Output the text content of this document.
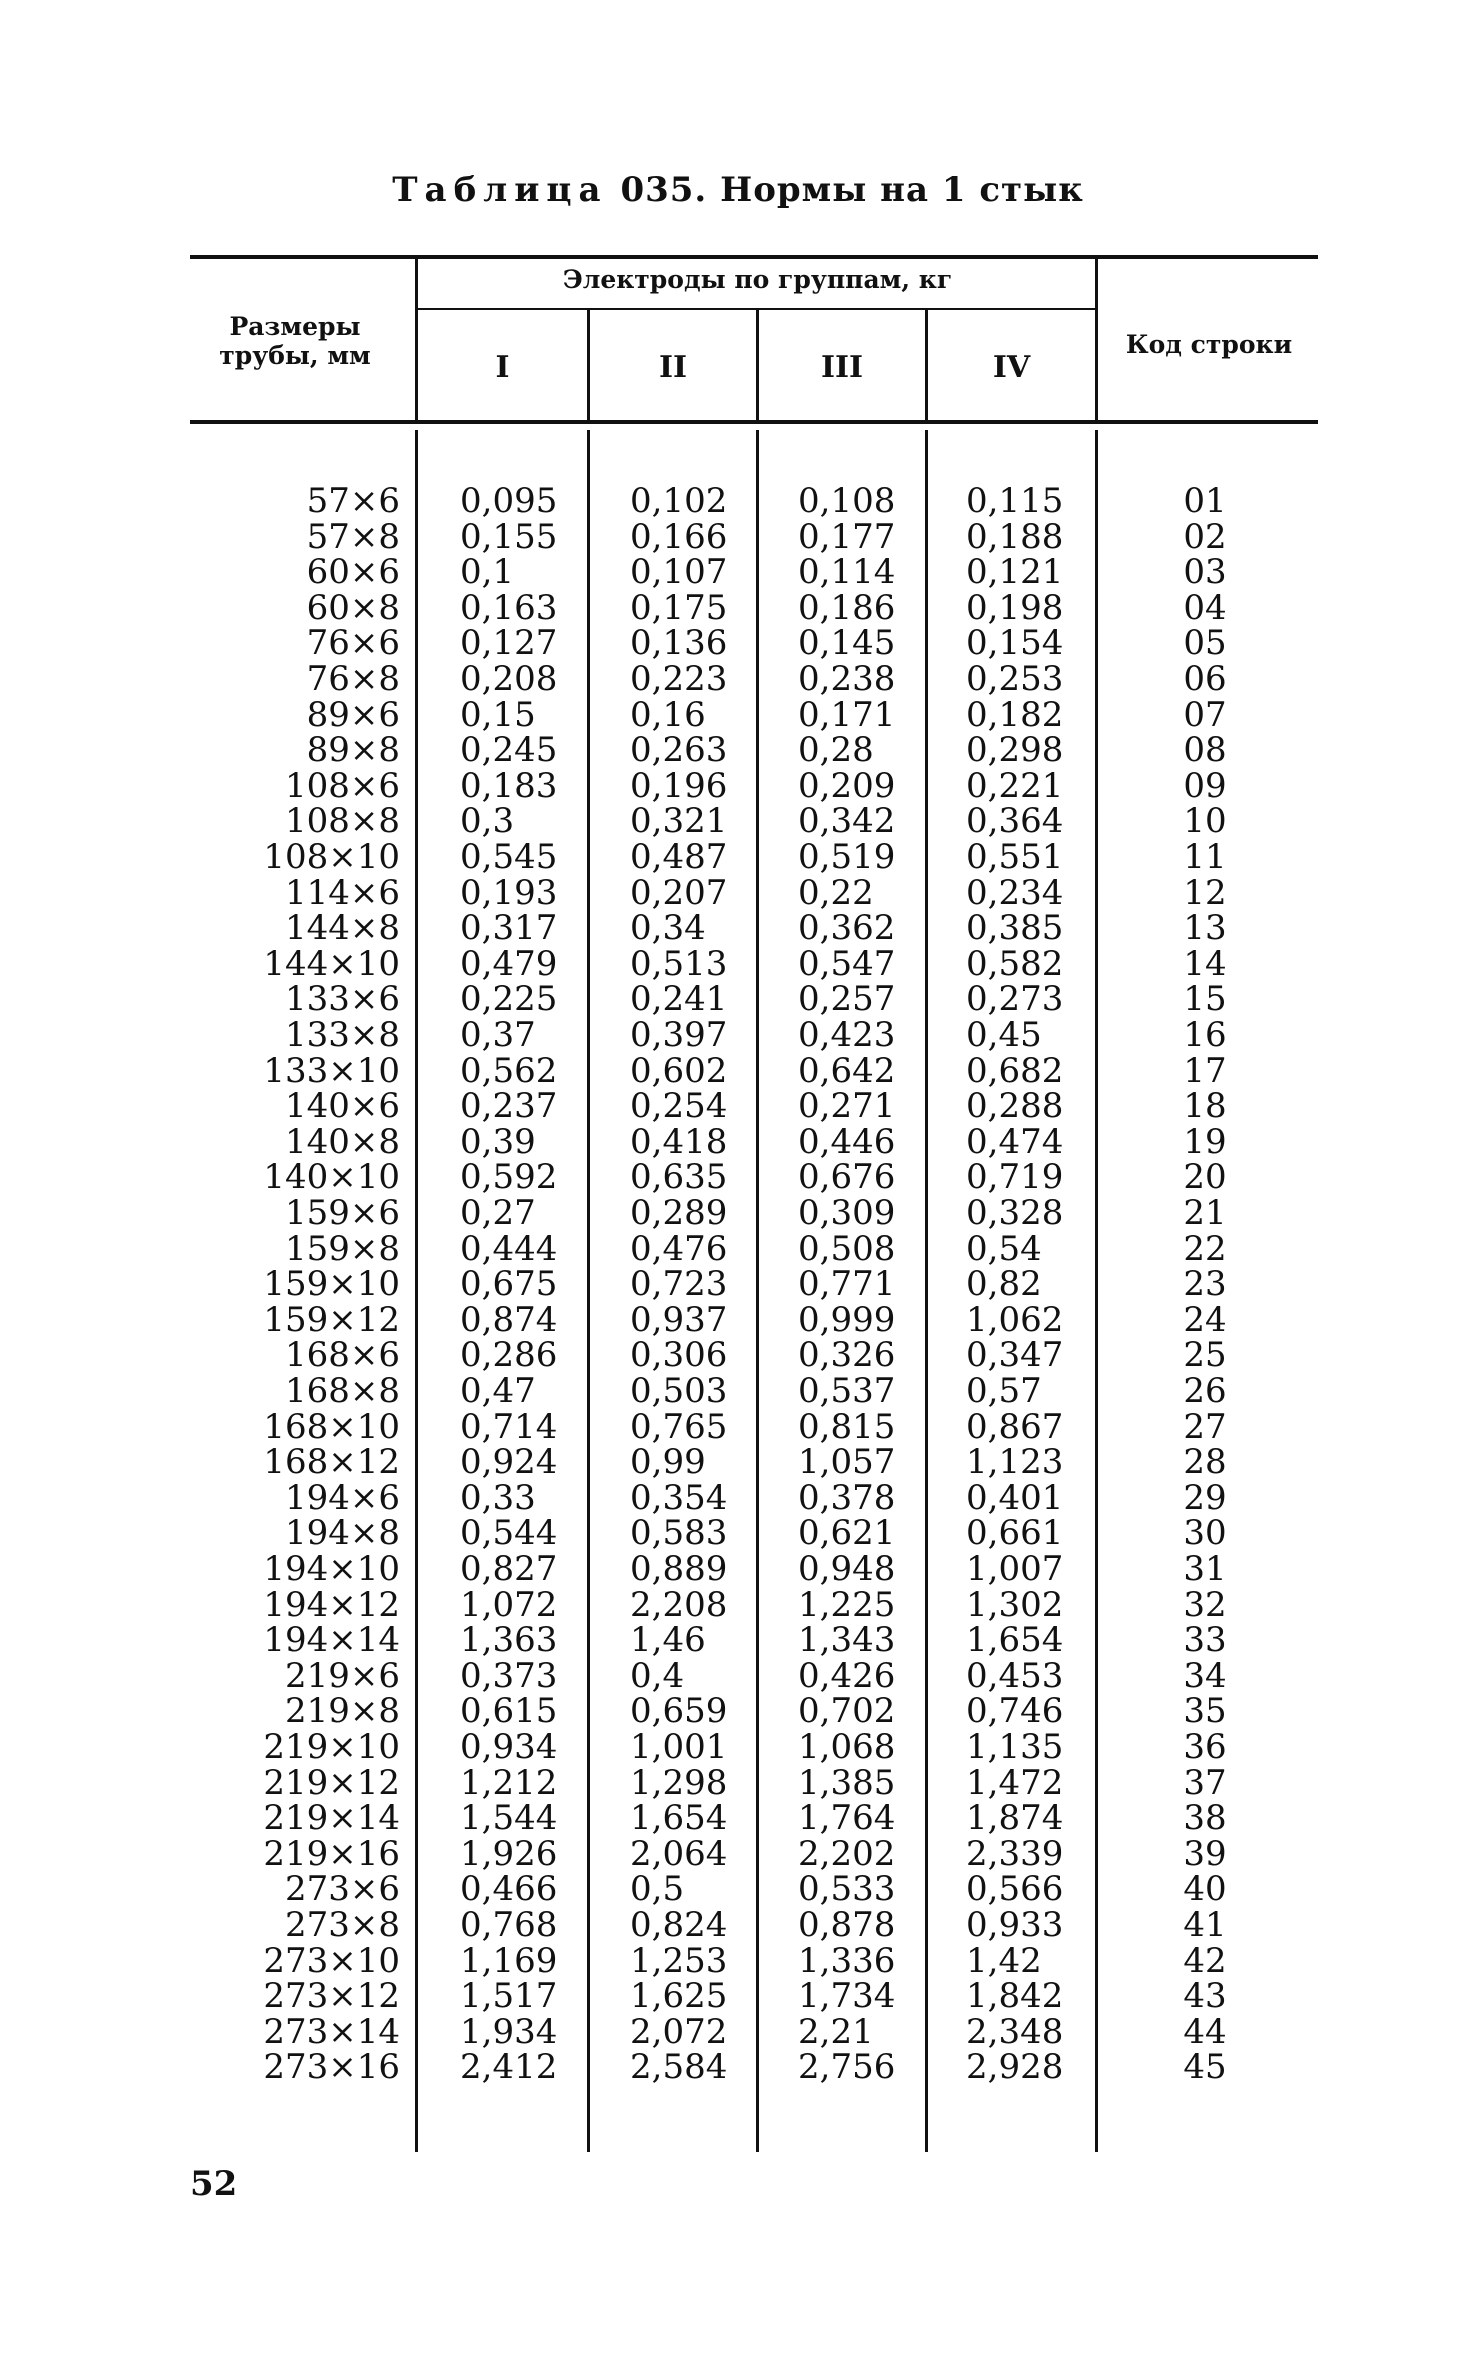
Таблица 035. Нормы на 1 стык
Размеры трубы, мм
Электроды по группам, кг
I	II	III	IV
Код строки
57×6 0,095 0,102 0,108 0,115	01
57×8 0,155 0,166 0,177 0,188	02
60×6 0,1	0,107 0,114 0,121	03
60×8 0,163 0,175 0,186 0,198	04
76×6 0,127 0,136 0,145 0,154	05
76×8 0,208 0,223 0,238 0,253	06
89×6 0,15	0,16	0,171 0,182	07
89×8 0,245 0,263 0,28	0,298	08
108×6 0,183 0,196 0,209 0,221	09
108×8 0,3	0,321 0,342 0,364	10
108×10 0,545 0,487 0,519 0,551	11
114×6 0,193 0,207 0,22	0,234	12
144×8 0,317 0,34	0,362 0,385	13
144×10 0,479 0,513 0,547 0,582	14
133×6 0,225 0,241 0,257 0,273	15
133×8 0,37	0,397 0,423 0,45	16
133×10 0,562 0,602 0,642 0,682	17
140×6 0,237 0,254 0,271 0,288	18
140×8 0,39	0,418 0,446 0,474	19
140×10 0,592 0,635 0,676 0,719	20
159×6 0,27	0,289 0,309 0,328	21
159×8 0,444 0,476 0,508 0,54	22
159×10 0,675 0,723 0,771 0,82	23
159×12 0,874 0,937 0,999 1,062	24
168×6 0,286 0,306 0,326 0,347	25
168×8 0,47	0,503 0,537 0,57	26
168×10 0,714 0,765 0,815 0,867	27
168×12 0,924 0,99	1,057 1,123	28
194×6 0,33	0,354 0,378 0,401	29
194×8 0,544 0,583 0,621 0,661	30
194×10 0,827 0,889 0,948 1,007	31
194×12 1,072 2,208 1,225 1,302	32
194×14 1,363 1,46	1,343 1,654	33
219×6 0,373 0,4	0,426 0,453	34
219×8 0,615 0,659 0,702 0,746	35
219×10 0,934 1,001 1,068 1,135	36
219×12 1,212 1,298 1,385 1,472	37
219×14 1,544 1,654 1,764 1,874	38
219×16 1,926 2,064 2,202 2,339	39
273×6 0,466 0,5	0,533 0,566	40
273×8 0,768 0,824 0,878 0,933	41
273×10 1,169 1,253 1,336 1,42	42
273×12 1,517 1,625 1,734 1,842	43
273×14 1,934 2,072 2,21	2,348	44
273×16 2,412 2,584 2,756 2,928	45
52
